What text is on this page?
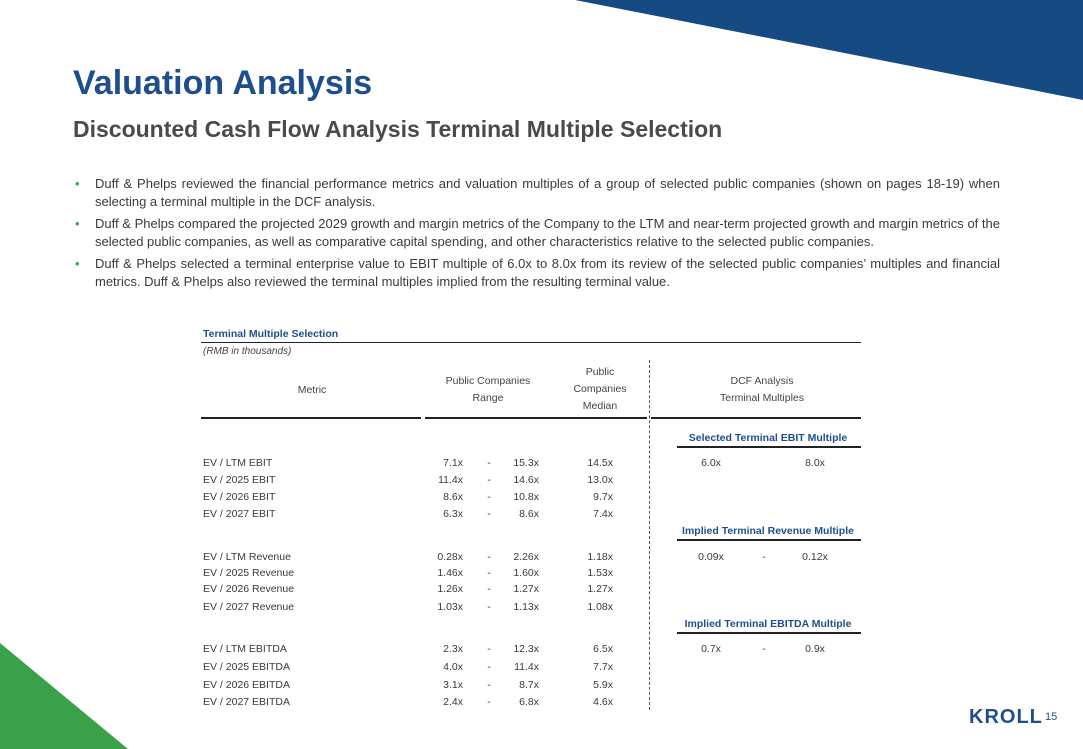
Valuation Analysis
Discounted Cash Flow Analysis Terminal Multiple Selection
• Duff & Phelps reviewed the financial performance metrics and valuation multiples of a group of selected public companies (shown on pages 18-19) when selecting a terminal multiple in the DCF analysis.
• Duff & Phelps compared the projected 2029 growth and margin metrics of the Company to the LTM and near-term projected growth and margin metrics of the selected public companies, as well as comparative capital spending, and other characteristics relative to the selected public companies.
• Duff & Phelps selected a terminal enterprise value to EBIT multiple of 6.0x to 8.0x from its review of the selected public companies’ multiples and financial metrics. Duff & Phelps also reviewed the terminal multiples implied from the resulting terminal value.
Terminal Multiple Selection
(RMB in thousands)
Metric
Public Companies
Range
Public
Companies
Median
DCF Analysis
Terminal Multiples
Selected Terminal EBIT Multiple
6.0x	8.0x
EV / LTM EBIT	7.1x	-	15.3x	14.5x
EV / 2025 EBIT	11.4x	-	14.6x	13.0x
EV / 2026 EBIT	8.6x	-	10.8x	9.7x
EV / 2027 EBIT	6.3x	-	8.6x	7.4x
Implied Terminal Revenue Multiple
0.09x	-	0.12x
EV / LTM Revenue	0.28x	-	2.26x	1.18x
EV / 2025 Revenue	1.46x	-	1.60x	1.53x
EV / 2026 Revenue	1.26x	-	1.27x	1.27x
EV / 2027 Revenue	1.03x	-	1.13x	1.08x
Implied Terminal EBITDA Multiple
0.7x	-	0.9x
EV / LTM EBITDA	2.3x	-	12.3x	6.5x
EV / 2025 EBITDA	4.0x	-	11.4x	7.7x
EV / 2026 EBITDA	3.1x	-	8.7x	5.9x
EV / 2027 EBITDA	2.4x	-	6.8x	4.6x
KROLL 15
